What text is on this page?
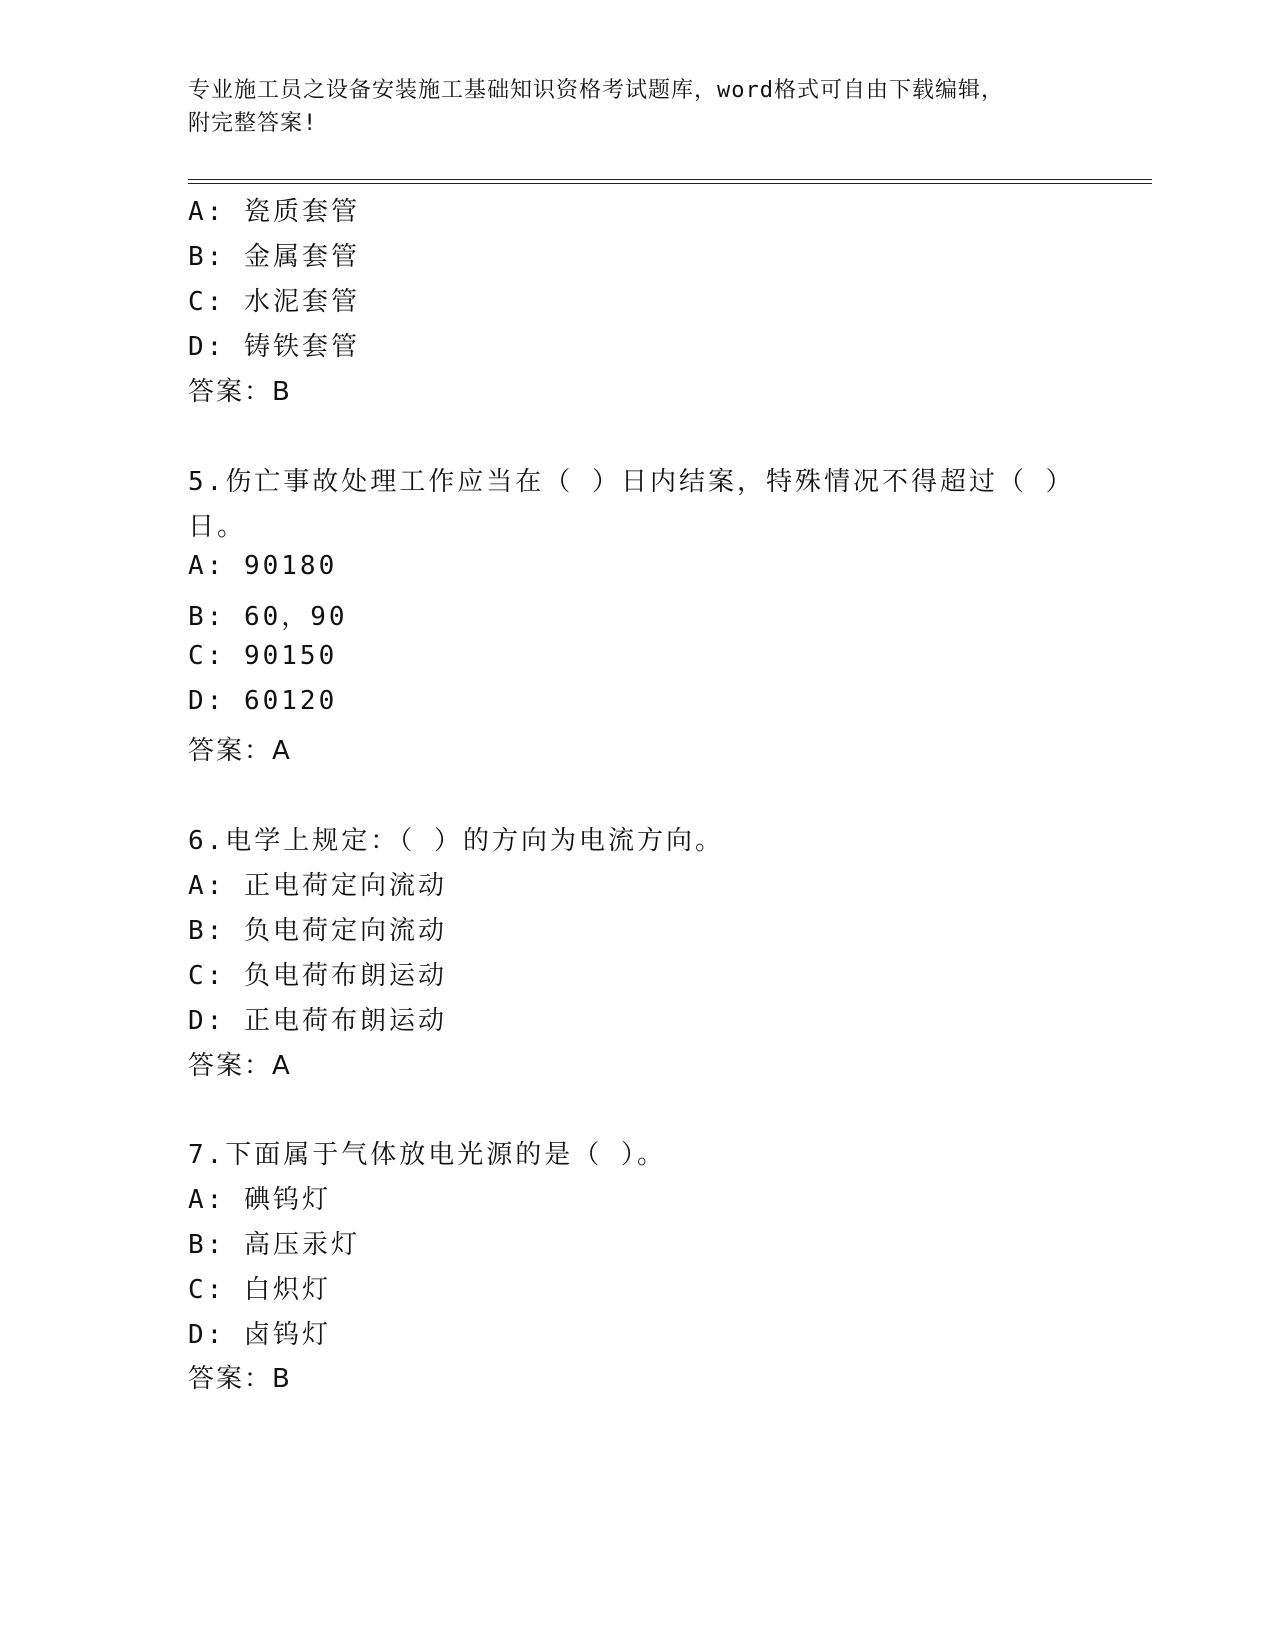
专业施工员之设备安装施工基础知识资格考试题库，word格式可自由下载编辑，
附完整答案!
A: 瓷质套管
B: 金属套管
C: 水泥套管
D: 铸铁套管
答案：B
5.伤亡事故处理工作应当在（ ）日内结案，特殊情况不得超过（ ）
日。
A: 90180
B: 60，90
C: 90150
D: 60120
答案：A
6.电学上规定：（ ）的方向为电流方向。
A: 正电荷定向流动
B: 负电荷定向流动
C: 负电荷布朗运动
D: 正电荷布朗运动
答案：A
7.下面属于气体放电光源的是（ ）。
A: 碘钨灯
B: 高压汞灯
C: 白炽灯
D: 卤钨灯
答案：B
